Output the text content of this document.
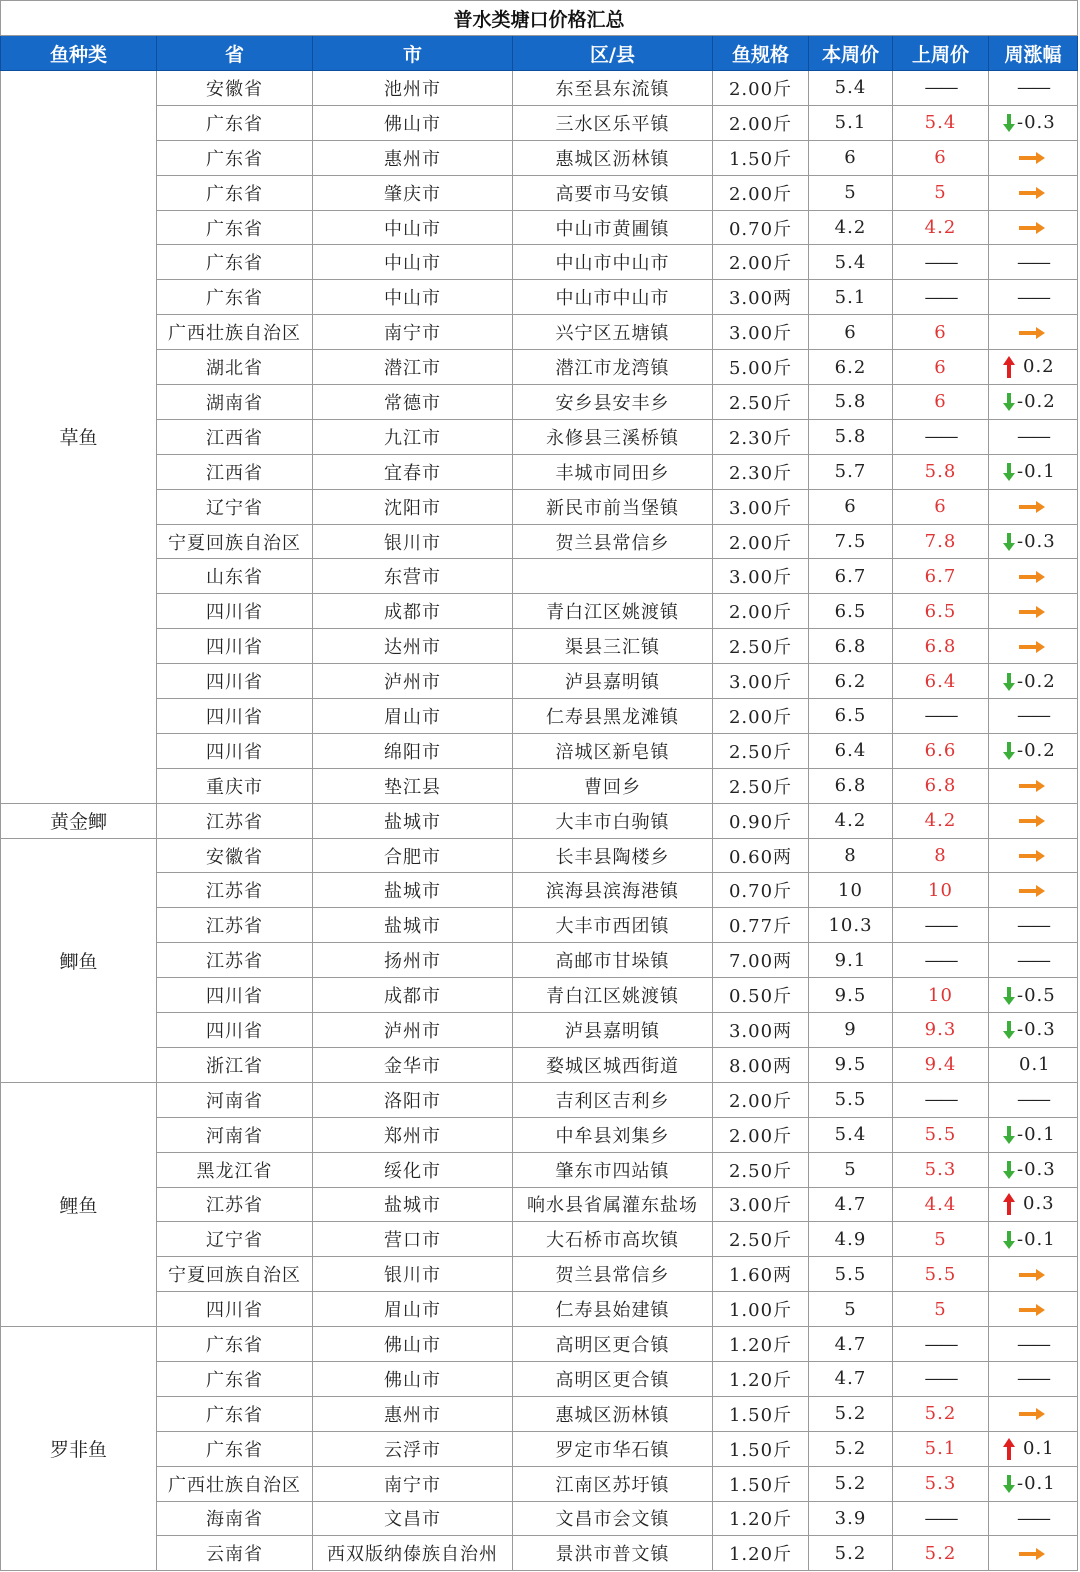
普水类塘口价格汇总							
鱼种类	省	市	区/县	鱼规格	本周价	上周价	周涨幅
草鱼	安徽省	池州市	东至县东流镇	2.00斤	5.4	——	——
	广东省	佛山市	三水区乐平镇	2.00斤	5.1	5.4	-0.3
	广东省	惠州市	惠城区沥林镇	1.50斤	6	6	

	广东省	肇庆市	高要市马安镇	2.00斤	5	5	

	广东省	中山市	中山市黄圃镇	0.70斤	4.2	4.2	

	广东省	中山市	中山市中山市	2.00斤	5.4	——	——
	广东省	中山市	中山市中山市	3.00两	5.1	——	——
	广西壮族自治区	南宁市	兴宁区五塘镇	3.00斤	6	6	

	湖北省	潜江市	潜江市龙湾镇	5.00斤	6.2	6	0.2
	湖南省	常德市	安乡县安丰乡	2.50斤	5.8	6	-0.2
	江西省	九江市	永修县三溪桥镇	2.30斤	5.8	——	——
	江西省	宜春市	丰城市同田乡	2.30斤	5.7	5.8	-0.1
	辽宁省	沈阳市	新民市前当堡镇	3.00斤	6	6	

	宁夏回族自治区	银川市	贺兰县常信乡	2.00斤	7.5	7.8	-0.3
	山东省	东营市		3.00斤	6.7	6.7	

	四川省	成都市	青白江区姚渡镇	2.00斤	6.5	6.5	

	四川省	达州市	渠县三汇镇	2.50斤	6.8	6.8	

	四川省	泸州市	泸县嘉明镇	3.00斤	6.2	6.4	-0.2
	四川省	眉山市	仁寿县黑龙滩镇	2.00斤	6.5	——	——
	四川省	绵阳市	涪城区新皂镇	2.50斤	6.4	6.6	-0.2
	重庆市	垫江县	曹回乡	2.50斤	6.8	6.8	

黄金鲫	江苏省	盐城市	大丰市白驹镇	0.90斤	4.2	4.2	

鲫鱼	安徽省	合肥市	长丰县陶楼乡	0.60两	8	8	

	江苏省	盐城市	滨海县滨海港镇	0.70斤	10	10	

	江苏省	盐城市	大丰市西团镇	0.77斤	10.3	——	——
	江苏省	扬州市	高邮市甘垛镇	7.00两	9.1	——	——
	四川省	成都市	青白江区姚渡镇	0.50斤	9.5	10	-0.5
	四川省	泸州市	泸县嘉明镇	3.00两	9	9.3	-0.3
	浙江省	金华市	婺城区城西街道	8.00两	9.5	9.4	0.1
鲤鱼	河南省	洛阳市	吉利区吉利乡	2.00斤	5.5	——	——
	河南省	郑州市	中牟县刘集乡	2.00斤	5.4	5.5	-0.1
	黑龙江省	绥化市	肇东市四站镇	2.50斤	5	5.3	-0.3
	江苏省	盐城市	响水县省属灌东盐场	3.00斤	4.7	4.4	0.3
	辽宁省	营口市	大石桥市高坎镇	2.50斤	4.9	5	-0.1
	宁夏回族自治区	银川市	贺兰县常信乡	1.60两	5.5	5.5	

	四川省	眉山市	仁寿县始建镇	1.00斤	5	5	

罗非鱼	广东省	佛山市	高明区更合镇	1.20斤	4.7	——	——
	广东省	佛山市	高明区更合镇	1.20斤	4.7	——	——
	广东省	惠州市	惠城区沥林镇	1.50斤	5.2	5.2	

	广东省	云浮市	罗定市华石镇	1.50斤	5.2	5.1	0.1
	广西壮族自治区	南宁市	江南区苏圩镇	1.50斤	5.2	5.3	-0.1
	海南省	文昌市	文昌市会文镇	1.20斤	3.9	——	——
	云南省	西双版纳傣族自治州	景洪市普文镇	1.20斤	5.2	5.2	
